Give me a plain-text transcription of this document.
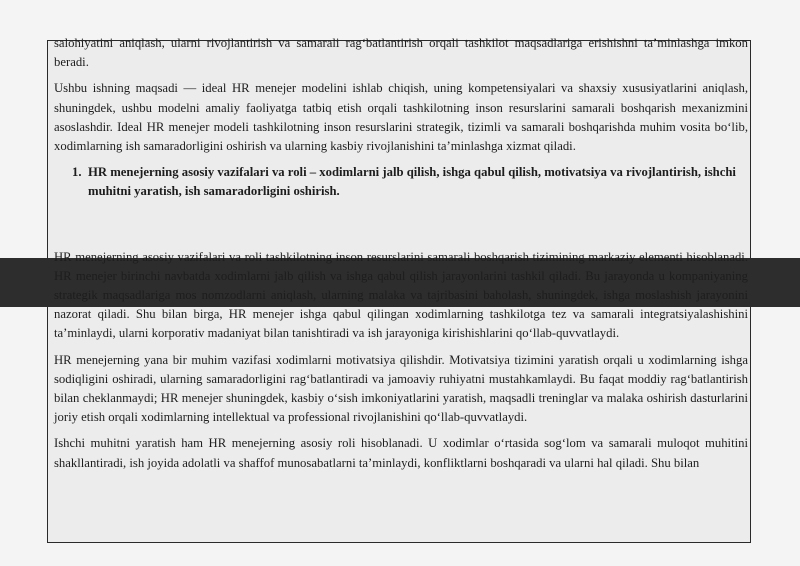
salohiyatini aniqlash, ularni rivojlantirish va samarali rag‘batlantirish orqali tashkilot maqsadlariga erishishni ta’minlashga imkon beradi.

Ushbu ishning maqsadi — ideal HR menejer modelini ishlab chiqish, uning kompetensiyalari va shaxsiy xususiyatlarini aniqlash, shuningdek, ushbu modelni amaliy faoliyatga tatbiq etish orqali tashkilotning inson resurslarini samarali boshqarish mexanizmini asoslashdir. Ideal HR menejer modeli tashkilotning inson resurslarini strategik, tizimli va samarali boshqarishda muhim vosita bo‘lib, xodimlarning ish samaradorligini oshirish va ularning kasbiy rivojlanishini ta’minlashga xizmat qiladi.

1. HR menejerning asosiy vazifalari va roli – xodimlarni jalb qilish, ishga qabul qilish, motivatsiya va rivojlantirish, ishchi muhitni yaratish, ish samaradorligini oshirish.

HR menejerning asosiy vazifalari va roli tashkilotning inson resurslarini samarali boshqarish tizimining markaziy elementi hisoblanadi. HR menejer birinchi navbatda xodimlarni jalb qilish va ishga qabul qilish jarayonlarini tashkil qiladi. Bu jarayonda u kompaniyaning strategik maqsadlariga mos nomzodlarni aniqlash, ularning malaka va tajribasini baholash, shuningdek, ishga moslashish jarayonini nazorat qiladi. Shu bilan birga, HR menejer ishga qabul qilingan xodimlarning tashkilotga tez va samarali integratsiyalashishini ta’minlaydi, ularni korporativ madaniyat bilan tanishtiradi va ish jarayoniga kirishishlarini qo‘llab-quvvatlaydi.

HR menejerning yana bir muhim vazifasi xodimlarni motivatsiya qilishdir. Motivatsiya tizimini yaratish orqali u xodimlarning ishga sodiqligini oshiradi, ularning samaradorligini rag‘batlantiradi va jamoaviy ruhiyatni mustahkamlaydi. Bu faqat moddiy rag‘batlantirish bilan cheklanmaydi; HR menejer shuningdek, kasbiy o‘sish imkoniyatlarini yaratish, maqsadli treninglar va malaka oshirish dasturlarini joriy etish orqali xodimlarning intellektual va professional rivojlanishini qo‘llab-quvvatlaydi.

Ishchi muhitni yaratish ham HR menejerning asosiy roli hisoblanadi. U xodimlar o‘rtasida sog‘lom va samarali muloqot muhitini shakllantiradi, ish joyida adolatli va shaffof munosabatlarni ta’minlaydi, konfliktlarni boshqaradi va ularni hal qiladi. Shu bilan
